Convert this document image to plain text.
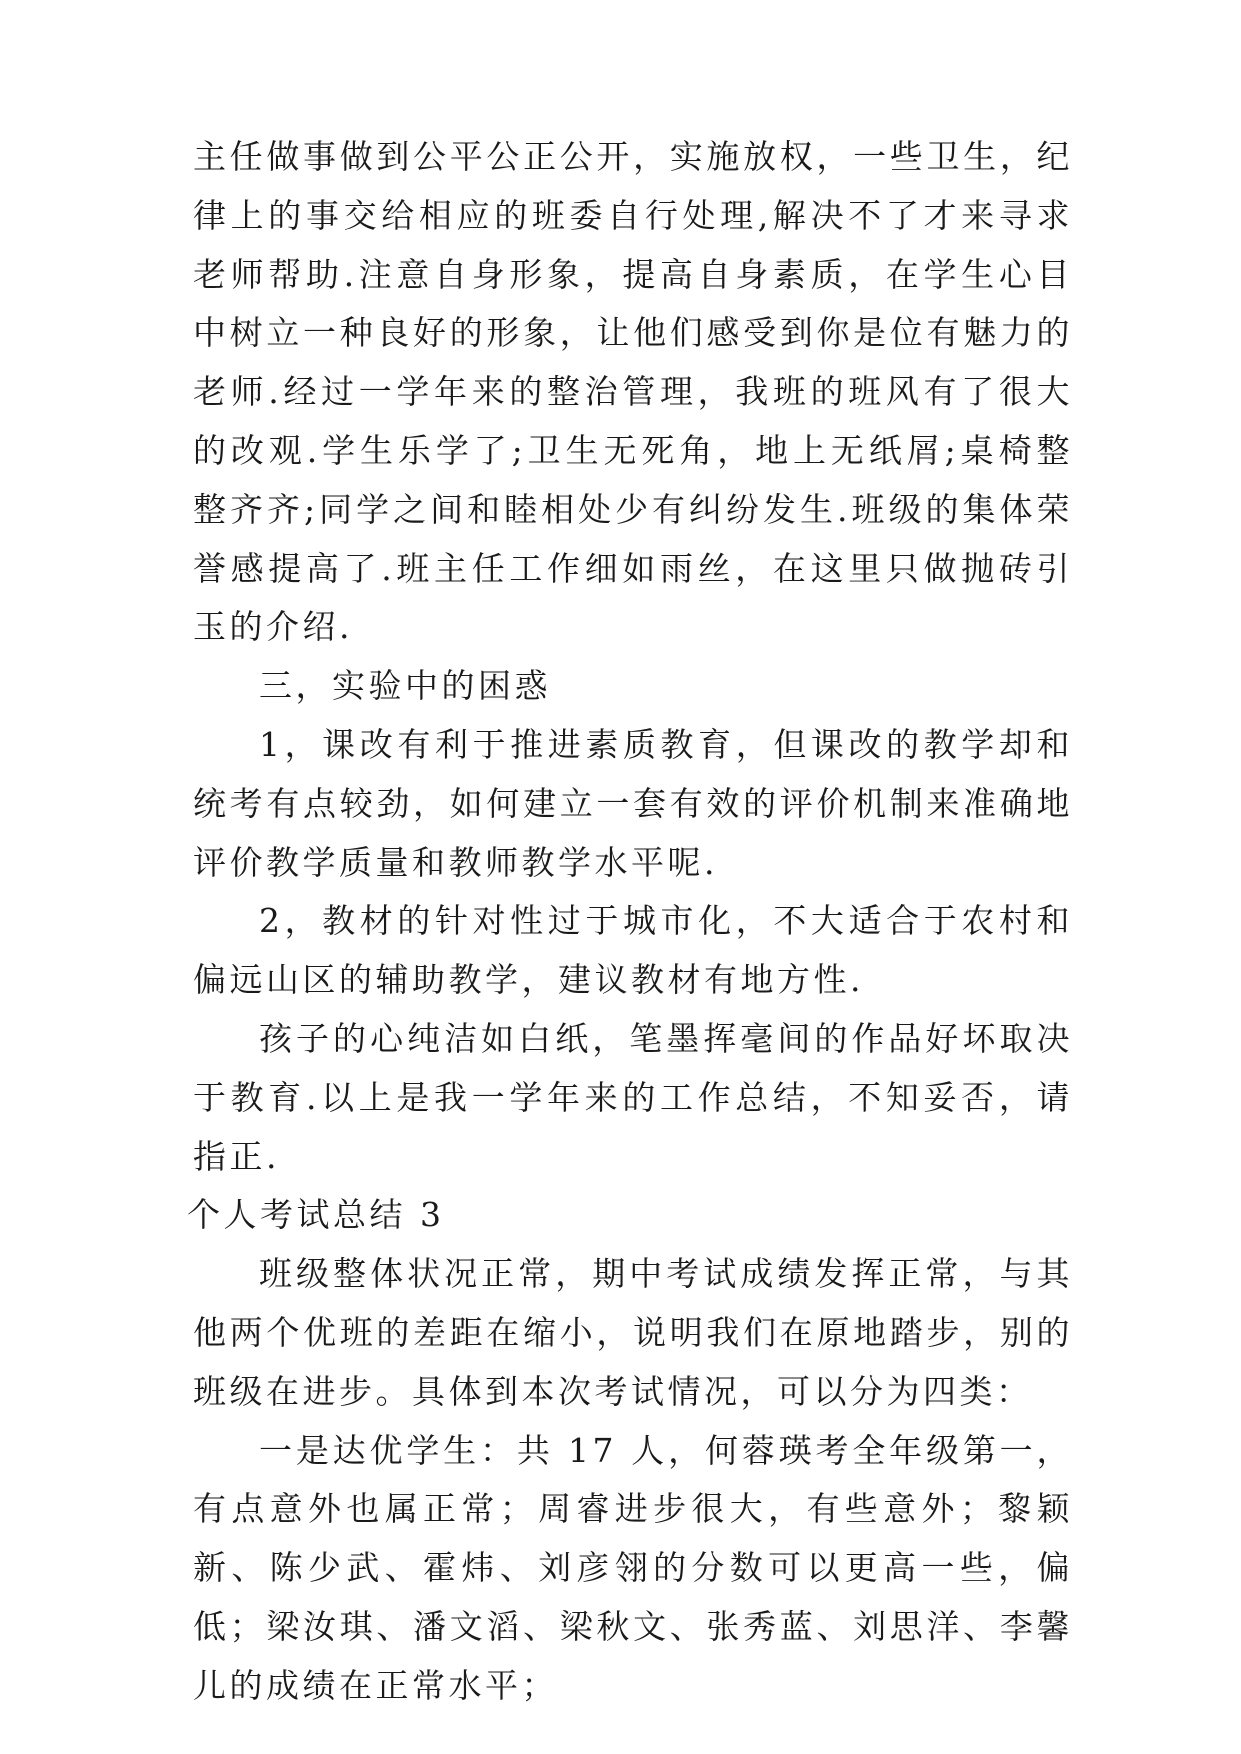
主任做事做到公平公正公开，实施放权，一些卫生，纪律上的事交给相应的班委自行处理,解决不了才来寻求老师帮助.注意自身形象，提高自身素质，在学生心目中树立一种良好的形象，让他们感受到你是位有魅力的老师.经过一学年来的整治管理，我班的班风有了很大的改观.学生乐学了;卫生无死角，地上无纸屑;桌椅整整齐齐;同学之间和睦相处少有纠纷发生.班级的集体荣誉感提高了.班主任工作细如雨丝，在这里只做抛砖引玉的介绍.

三，实验中的困惑

1，课改有利于推进素质教育，但课改的教学却和统考有点较劲，如何建立一套有效的评价机制来准确地评价教学质量和教师教学水平呢.

2，教材的针对性过于城市化，不大适合于农村和偏远山区的辅助教学，建议教材有地方性.

孩子的心纯洁如白纸，笔墨挥毫间的作品好坏取决于教育.以上是我一学年来的工作总结，不知妥否，请指正.

个人考试总结 3

班级整体状况正常，期中考试成绩发挥正常，与其他两个优班的差距在缩小，说明我们在原地踏步，别的班级在进步。具体到本次考试情况，可以分为四类：

一是达优学生：共 17 人，何蓉瑛考全年级第一，有点意外也属正常；周睿进步很大，有些意外；黎颖新、陈少武、霍炜、刘彦翎的分数可以更高一些，偏低；梁汝琪、潘文滔、梁秋文、张秀蓝、刘思洋、李馨儿的成绩在正常水平；
